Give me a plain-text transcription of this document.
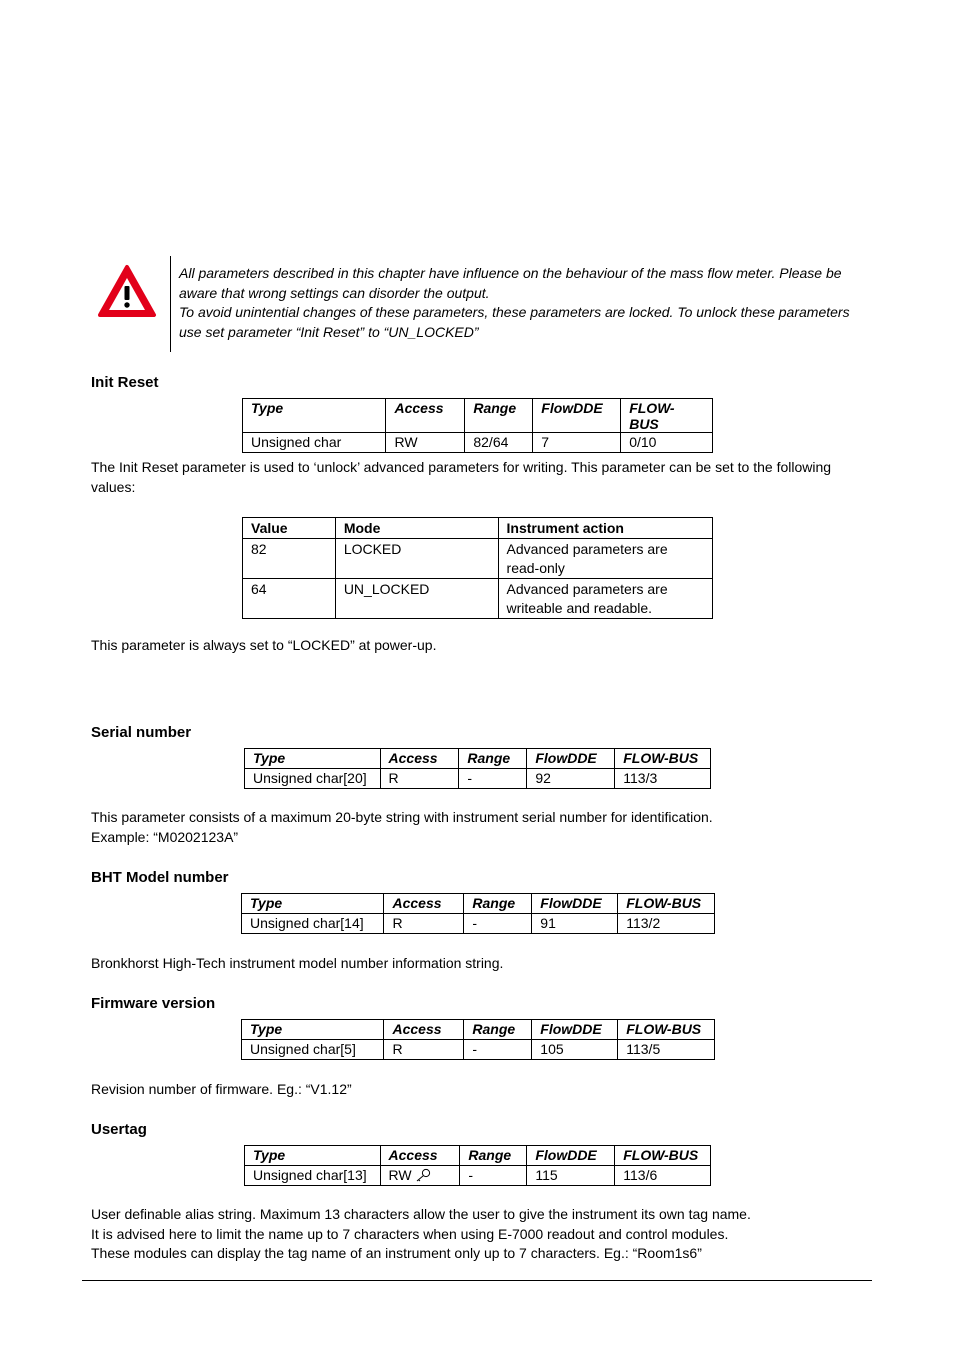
All parameters described in this chapter have influence on the behaviour of the mass flow meter. Please be aware that wrong settings can disorder the output.

To avoid unintential changes of these parameters, these parameters are locked. To unlock these parameters use set parameter “Init Reset” to “UN_LOCKED”

Init Reset
Type	Access	Range	FlowDDE	FLOW-BUS
Unsigned char	RW	82/64	7	0/10

The Init Reset parameter is used to ‘unlock’ advanced parameters for writing. This parameter can be set to the following values:

Value	Mode	Instrument action
82	LOCKED	Advanced parameters are read-only
64	UN_LOCKED	Advanced parameters are writeable and readable.

This parameter is always set to “LOCKED” at power-up.

Serial number
Type	Access	Range	FlowDDE	FLOW-BUS
Unsigned char[20]	R	-	92	113/3

This parameter consists of a maximum 20-byte string with instrument serial number for identification.

Example: “M0202123A”

BHT Model number
Type	Access	Range	FlowDDE	FLOW-BUS
Unsigned char[14]	R	-	91	113/2

Bronkhorst High-Tech instrument model number information string.

Firmware version
Type	Access	Range	FlowDDE	FLOW-BUS
Unsigned char[5]	R	-	105	113/5

Revision number of firmware. Eg.: “V1.12”

Usertag
Type	Access	Range	FlowDDE	FLOW-BUS
Unsigned char[13]	RW	-	115	113/6

User definable alias string. Maximum 13 characters allow the user to give the instrument its own tag name.

It is advised here to limit the name up to 7 characters when using E-7000 readout and control modules.

These modules can display the tag name of an instrument only up to 7 characters. Eg.: “Room1s6”
